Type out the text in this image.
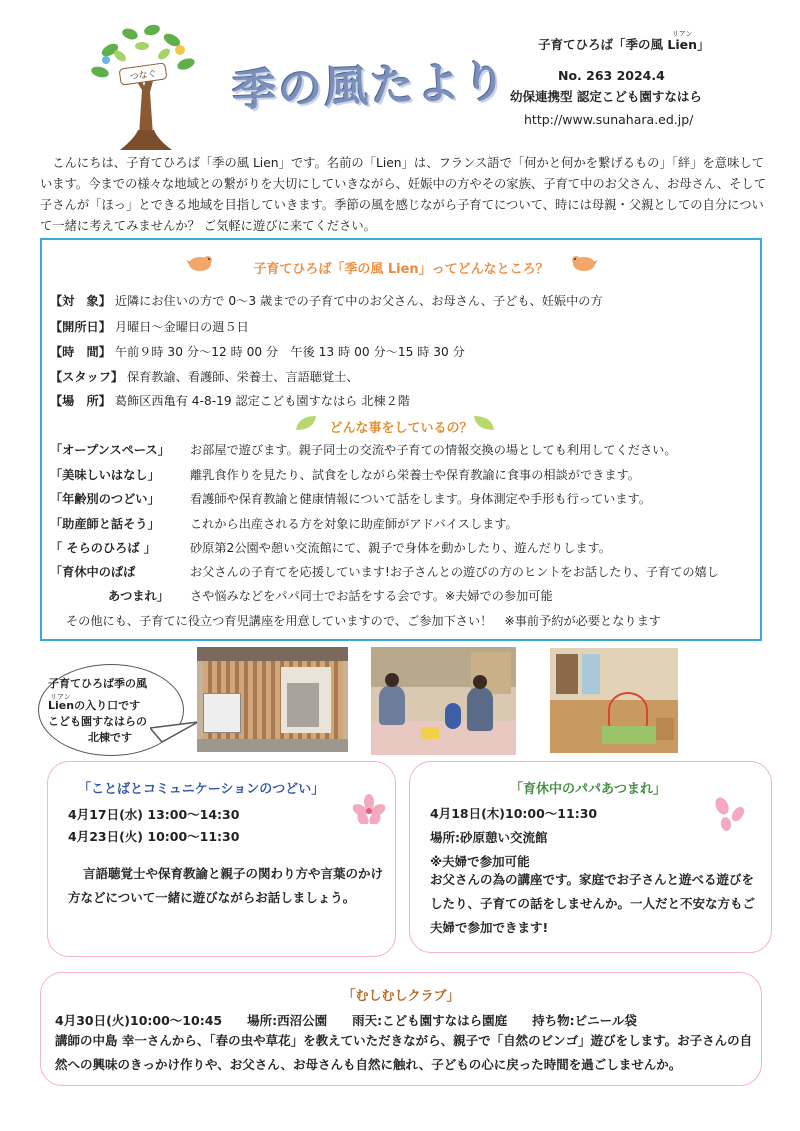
つなぐ 季の風たより
子育てひろば「季の風
リアン
Lien」
No. 263 2024.4
幼保連携型 認定こども園すなはら
http://www.sunahara.ed.jp/
こんにちは、子育てひろば「季の風 Lien」です。名前の「Lien」は、フランス語で「何かと何かを繋げるもの」「絆」を意味しています。今までの様々な地域との繋がりを大切にしていきながら、妊娠中の方やその家族、子育て中のお父さん、お母さん、そして子さんが「ほっ」とできる地域を目指していきます。季節の風を感じながら子育てについて、時には母親・父親としての自分について一緒に考えてみませんか？ ご気軽に遊びに来てください。
子育てひろば「季の風 Lien」ってどんなところ？
【対　象】 近隣にお住いの方で 0～3 歳までの子育て中のお父さん、お母さん、子ども、妊娠中の方
【開所日】 月曜日～金曜日の週５日
【時　間】 午前９時 30 分～12 時 00 分　午後 13 時 00 分～15 時 30 分
【スタッフ】 保育教諭、看護師、栄養士、言語聴覚士、
【場　所】 葛飾区西亀有 4-8-19 認定こども園すなはら 北棟２階
どんな事をしているの？
「オープンスペース」 お部屋で遊びます。親子同士の交流や子育ての情報交換の場としても利用してください。
「美味しいはなし」 離乳食作りを見たり、試食をしながら栄養士や保育教諭に食事の相談ができます。
「年齢別のつどい」 看護師や保育教諭と健康情報について話をします。身体測定や手形も行っています。
「助産師と話そう」 これから出産される方を対象に助産師がアドバイスします。
「 そらのひろば 」	砂原第2公園や憩い交流館にて、親子で身体を動かしたり、遊んだりします。
「育休中のぱぱ	お父さんの子育てを応援しています!お子さんとの遊びの方のヒントをお話したり、子育ての嬉し
あつまれ」 さや悩みなどをパパ同士でお話をする会です。※夫婦での参加可能
その他にも、子育てに役立つ育児講座を用意していますので、ご参加下さい！　※事前予約が必要となります
子育てひろば季の風
リアン
Lienの入り口です
こども園すなはらの
北棟です
「ことばとコミュニケーションのつどい」
4月17日(水) 13:00～14:30
4月23日(火) 10:00～11:30
言語聴覚士や保育教諭と親子の関わり方や言葉のかけ方などについて一緒に遊びながらお話しましょう。
「育休中のパパあつまれ」
4月18日(木)10:00～11:30
場所:砂原憩い交流館
※夫婦で参加可能
お父さんの為の講座です。家庭でお子さんと遊べる遊びをしたり、子育ての話をしませんか。一人だと不安な方もご夫婦で参加できます!
「むしむしクラブ」
4月30日(火)10:00～10:45　　場所:西沼公園　　雨天:こども園すなはら園庭　　持ち物:ビニール袋
講師の中島 幸一さんから、「春の虫や草花」を教えていただきながら、親子で「自然のビンゴ」遊びをします。お子さんの自然への興味のきっかけ作りや、お父さん、お母さんも自然に触れ、子どもの心に戻った時間を過ごしませんか。
